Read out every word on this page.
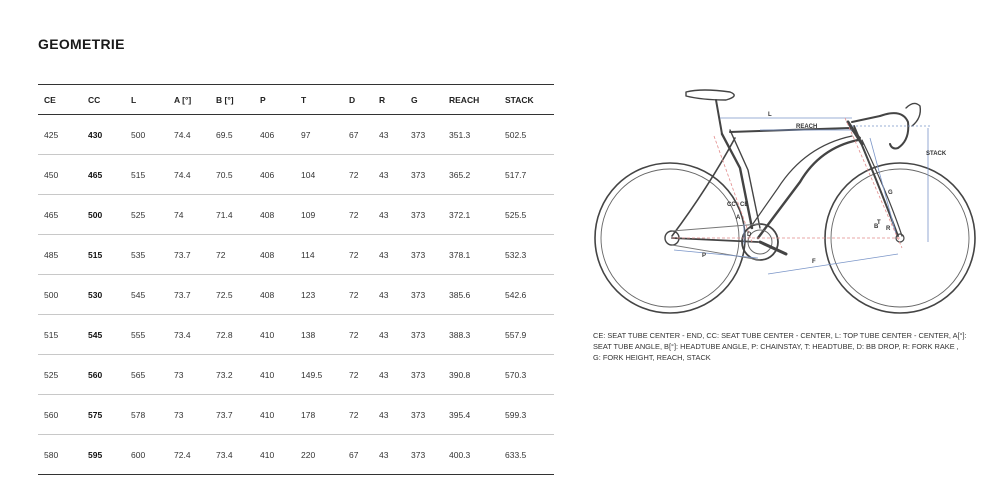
GEOMETRIE
CE	CC	L	A [°]	B [°]	P	T	D	R	G	REACH	STACK
425	430	500	74.4	69.5	406	97	67	43	373	351.3	502.5
450	465	515	74.4	70.5	406	104	72	43	373	365.2	517.7
465	500	525	74	71.4	408	109	72	43	373	372.1	525.5
485	515	535	73.7	72	408	114	72	43	373	378.1	532.3
500	530	545	73.7	72.5	408	123	72	43	373	385.6	542.6
515	545	555	73.4	72.8	410	138	72	43	373	388.3	557.9
525	560	565	73	73.2	410	149.5	72	43	373	390.8	570.3
560	575	578	73	73.7	410	178	72	43	373	395.4	599.3
580	595	600	72.4	73.4	410	220	67	43	373	400.3	633.5
L
REACH
STACK
CC CE
A
B
T
D
R
G
P
F
CE: SEAT TUBE CENTER - END, CC: SEAT TUBE CENTER - CENTER, L: TOP TUBE CENTER - CENTER, A[°]: SEAT TUBE ANGLE, B[°]: HEADTUBE ANGLE, P: CHAINSTAY, T: HEADTUBE, D: BB DROP, R: FORK RAKE , G: FORK HEIGHT, REACH, STACK
